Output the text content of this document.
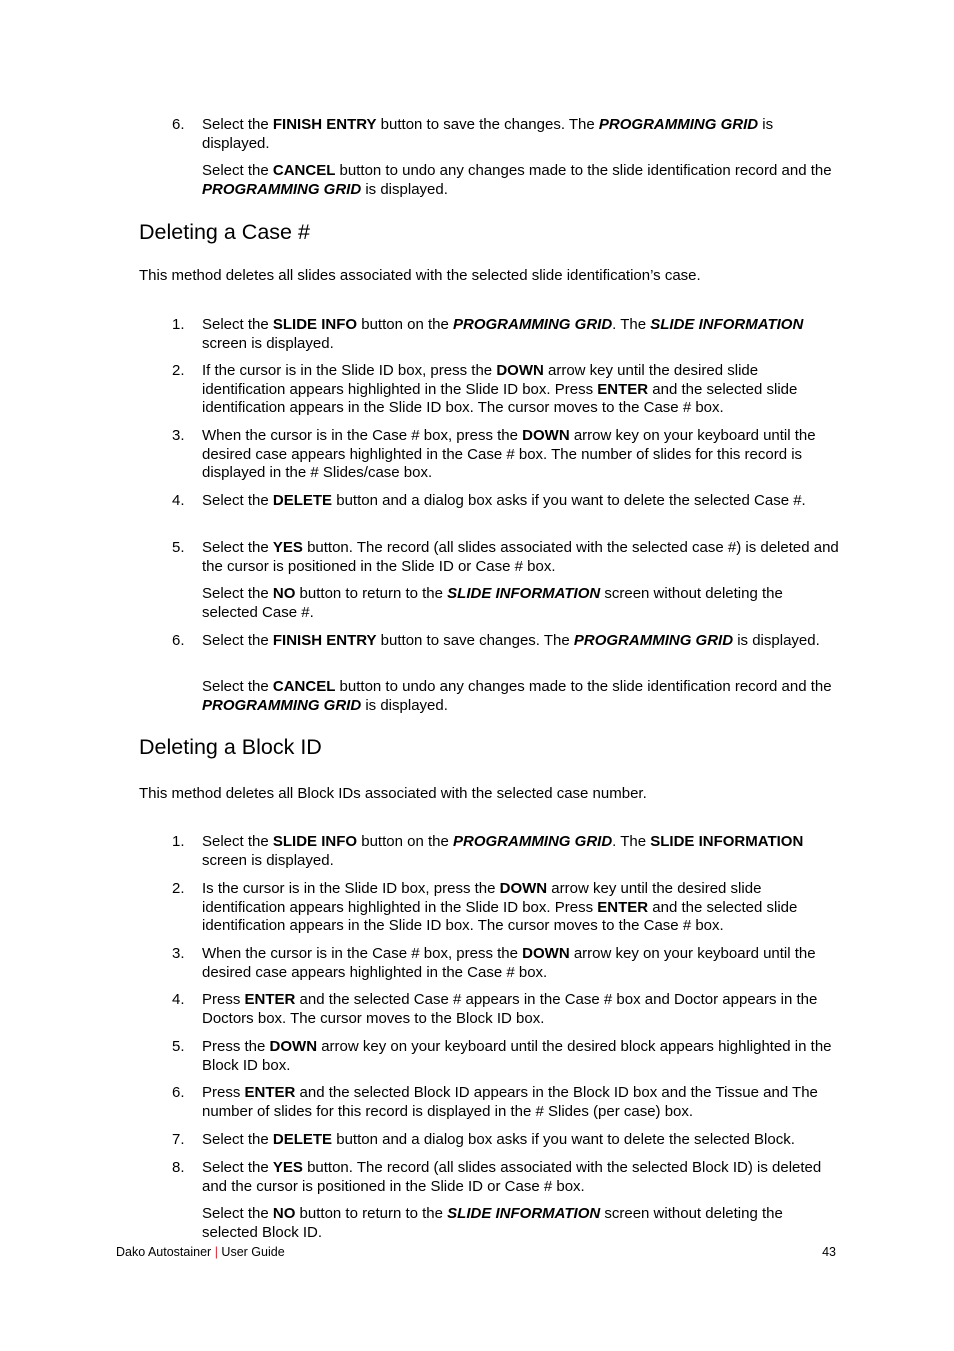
6.	Select the FINISH ENTRY button to save the changes. The PROGRAMMING GRID is displayed.
Select the CANCEL button to undo any changes made to the slide identification record and the PROGRAMMING GRID is displayed.
Deleting a Case #
This method deletes all slides associated with the selected slide identification’s case.
1.	Select the SLIDE INFO button on the PROGRAMMING GRID. The SLIDE INFORMATION screen is displayed.
2.	If the cursor is in the Slide ID box, press the DOWN arrow key until the desired slide identification appears highlighted in the Slide ID box. Press ENTER and the selected slide identification appears in the Slide ID box. The cursor moves to the Case # box.
3.	When the cursor is in the Case # box, press the DOWN arrow key on your keyboard until the desired case appears highlighted in the Case # box. The number of slides for this record is displayed in the # Slides/case box.
4.	Select the DELETE button and a dialog box asks if you want to delete the selected Case #.
5.	Select the YES button. The record (all slides associated with the selected case #) is deleted and the cursor is positioned in the Slide ID or Case # box.
Select the NO button to return to the SLIDE INFORMATION screen without deleting the selected Case #.
6.	Select the FINISH ENTRY button to save changes. The PROGRAMMING GRID is displayed.
Select the CANCEL button to undo any changes made to the slide identification record and the PROGRAMMING GRID is displayed.
Deleting a Block ID
This method deletes all Block IDs associated with the selected case number.
1.	Select the SLIDE INFO button on the PROGRAMMING GRID. The SLIDE INFORMATION screen is displayed.
2.	Is the cursor is in the Slide ID box, press the DOWN arrow key until the desired slide identification appears highlighted in the Slide ID box. Press ENTER and the selected slide identification appears in the Slide ID box. The cursor moves to the Case # box.
3.	When the cursor is in the Case # box, press the DOWN arrow key on your keyboard until the desired case appears highlighted in the Case # box.
4.	Press ENTER and the selected Case # appears in the Case # box and Doctor appears in the Doctors box. The cursor moves to the Block ID box.
5.	Press the DOWN arrow key on your keyboard until the desired block appears highlighted in the Block ID box.
6.	Press ENTER and the selected Block ID appears in the Block ID box and the Tissue and The number of slides for this record is displayed in the # Slides (per case) box.
7.	Select the DELETE button and a dialog box asks if you want to delete the selected Block.
8.	Select the YES button. The record (all slides associated with the selected Block ID) is deleted and the cursor is positioned in the Slide ID or Case # box.
Select the NO button to return to the SLIDE INFORMATION screen without deleting the selected Block ID.
Dako Autostainer | User Guide	43
